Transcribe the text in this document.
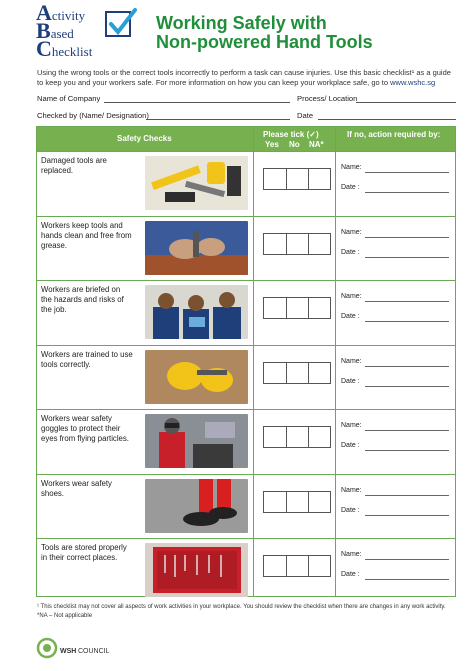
Activity
Based
Checklist
Working Safely with
Non-powered Hand Tools
Using the wrong tools or the correct tools incorrectly to perform a task can cause injuries. Use this basic checklist¹ as a guide to keep you and your workers safe. For more information on how you can keep your workplace safe, go to www.wshc.sg
Name of Company	Process/ Location
Checked by (Name/ Designation)	Date
Safety Checks	Please tick (✓)
Yes No NA*
If no, action required by:
Damaged tools are replaced.	Name:
Date :
Workers keep tools and hands clean and free from grease.
Name:
Date :
Workers are briefed on the hazards and risks of the job.
Name:
Date :
Workers are trained to use tools correctly.	Name:
Date :
Workers wear safety goggles to protect their eyes from flying particles.
Name:
Date :
Workers wear safety shoes.	Name:
Date :
Tools are stored properly in their correct places.	Name:
Date :
¹ This checklist may not cover all aspects of work activities in your workplace. You should review the checklist when there are changes in any work activity.
*NA – Not applicable
WSH COUNCIL
